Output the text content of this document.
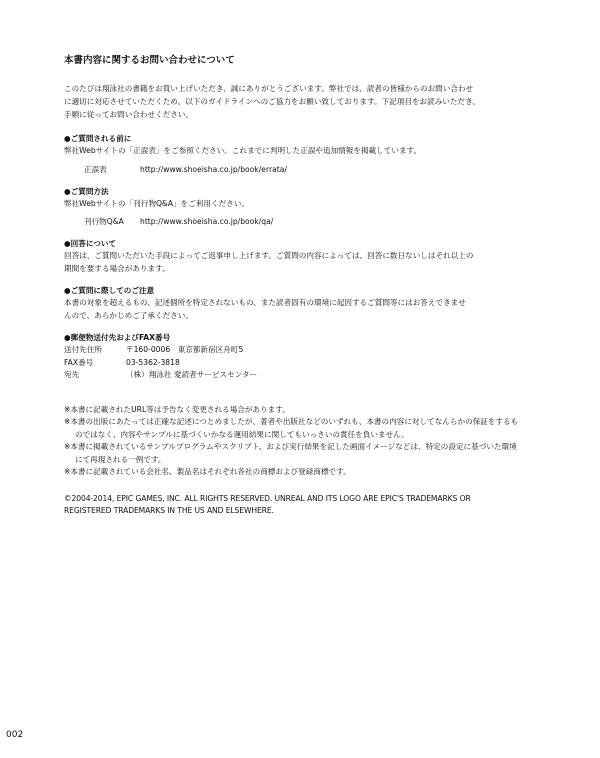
本書内容に関するお問い合わせについて

このたびは翔泳社の書籍をお買い上げいただき、誠にありがとうございます。弊社では、読者の皆様からのお問い合わせ

に適切に対応させていただくため、以下のガイドラインへのご協力をお願い致しております。下記項目をお読みいただき、

手順に従ってお問い合わせください。

●ご質問される前に
弊社Webサイトの「正誤表」をご参照ください。これまでに判明した正誤や追加情報を掲載しています。
正誤表	http://www.shoeisha.co.jp/book/errata/
●ご質問方法
弊社Webサイトの「刊行物Q&A」をご利用ください。
刊行物Q&A	http://www.shoeisha.co.jp/book/qa/
●回答について
回答は、ご質問いただいた手段によってご返事申し上げます。ご質問の内容によっては、回答に数日ないしはそれ以上の
期間を要する場合があります。
●ご質問に際してのご注意
本書の対象を超えるもの、記述個所を特定されないもの、また読者固有の環境に起因するご質問等にはお答えできませ
んので、あらかじめご了承ください。
●郵便物送付先およびFAX番号
送付先住所	〒160-0006　東京都新宿区舟町5
FAX番号	03-5362-3818
宛先	（株）翔泳社 愛読者サービスセンター

※本書に記載されたURL等は予告なく変更される場合があります。

※本書の出版にあたっては正確な記述につとめましたが、著者や出版社などのいずれも、本書の内容に対してなんらかの保証をするものではなく、内容やサンプルに基づくいかなる運用結果に関してもいっさいの責任を負いません。

※本書に掲載されているサンプルプログラムやスクリプト、および実行結果を記した画面イメージなどは、特定の設定に基づいた環境にて再現される一例です。

※本書に記載されている会社名、製品名はそれぞれ各社の商標および登録商標です。

©2004-2014, EPIC GAMES, INC. ALL RIGHTS RESERVED. UNREAL AND ITS LOGO ARE EPIC'S TRADEMARKS OR

REGISTERED TRADEMARKS IN THE US AND ELSEWHERE.

002
